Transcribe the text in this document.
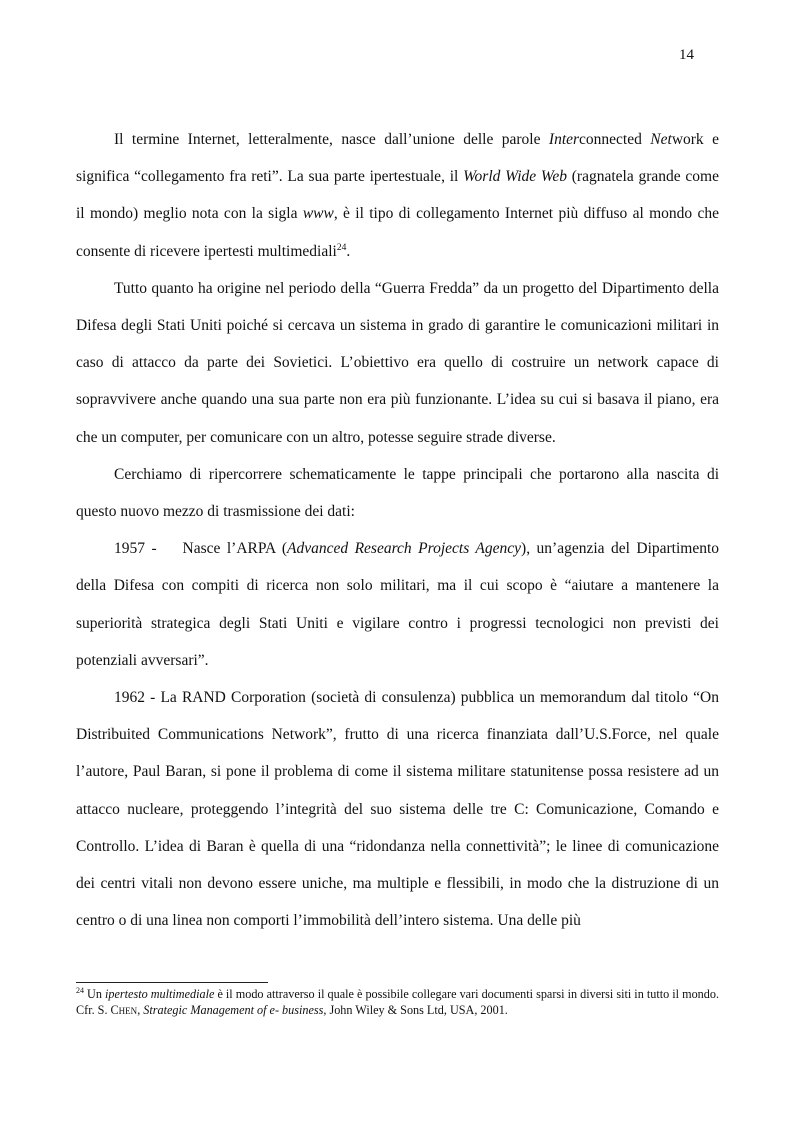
14

Il termine Internet, letteralmente, nasce dall’unione delle parole Interconnected Network e significa “collegamento fra reti”. La sua parte ipertestuale, il World Wide Web (ragnatela grande come il mondo) meglio nota con la sigla www, è il tipo di collegamento Internet più diffuso al mondo che consente di ricevere ipertesti multimediali$^{24}$.

Tutto quanto ha origine nel periodo della “Guerra Fredda” da un progetto del Dipartimento della Difesa degli Stati Uniti poiché si cercava un sistema in grado di garantire le comunicazioni militari in caso di attacco da parte dei Sovietici. L’obiettivo era quello di costruire un network capace di sopravvivere anche quando una sua parte non era più funzionante. L’idea su cui si basava il piano, era che un computer, per comunicare con un altro, potesse seguire strade diverse.

Cerchiamo di ripercorrere schematicamente le tappe principali che portarono alla nascita di questo nuovo mezzo di trasmissione dei dati:

1957 - Nasce l’ARPA (Advanced Research Projects Agency), un’agenzia del Dipartimento della Difesa con compiti di ricerca non solo militari, ma il cui scopo è “aiutare a mantenere la superiorità strategica degli Stati Uniti e vigilare contro i progressi tecnologici non previsti dei potenziali avversari”.

1962 - La RAND Corporation (società di consulenza) pubblica un memorandum dal titolo “On Distribuited Communications Network”, frutto di una ricerca finanziata dall’U.S.Force, nel quale l’autore, Paul Baran, si pone il problema di come il sistema militare statunitense possa resistere ad un attacco nucleare, proteggendo l’integrità del suo sistema delle tre C: Comunicazione, Comando e Controllo. L’idea di Baran è quella di una “ridondanza nella connettività”; le linee di comunicazione dei centri vitali non devono essere uniche, ma multiple e flessibili, in modo che la distruzione di un centro o di una linea non comporti l’immobilità dell’intero sistema. Una delle più

$^{24}$ Un ipertesto multimediale è il modo attraverso il quale è possibile collegare vari documenti sparsi in diversi siti in tutto il mondo. Cfr. S. Chen, Strategic Management of e- business, John Wiley & Sons Ltd, USA, 2001.
